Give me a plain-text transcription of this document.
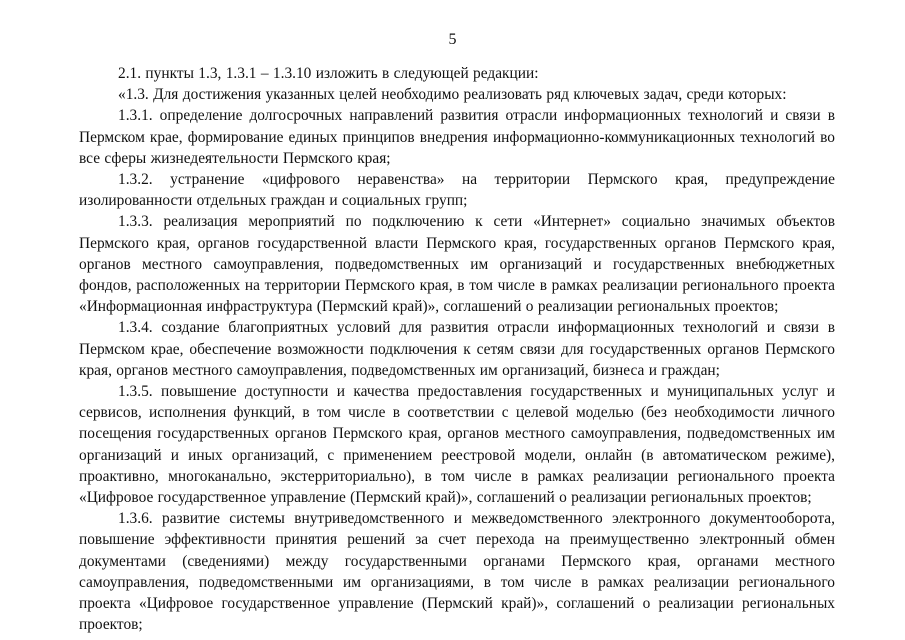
5

2.1. пункты 1.3, 1.3.1 – 1.3.10 изложить в следующей редакции:

«1.3. Для достижения указанных целей необходимо реализовать ряд ключевых задач, среди которых:

1.3.1. определение долгосрочных направлений развития отрасли информационных технологий и связи в Пермском крае, формирование единых принципов внедрения информационно-коммуникационных технологий во все сферы жизнедеятельности Пермского края;

1.3.2. устранение «цифрового неравенства» на территории Пермского края, предупреждение изолированности отдельных граждан и социальных групп;

1.3.3. реализация мероприятий по подключению к сети «Интернет» социально значимых объектов Пермского края, органов государственной власти Пермского края, государственных органов Пермского края, органов местного самоуправления, подведомственных им организаций и государственных внебюджетных фондов, расположенных на территории Пермского края, в том числе в рамках реализации регионального проекта «Информационная инфраструктура (Пермский край)», соглашений о реализации региональных проектов;

1.3.4. создание благоприятных условий для развития отрасли информационных технологий и связи в Пермском крае, обеспечение возможности подключения к сетям связи для государственных органов Пермского края, органов местного самоуправления, подведомственных им организаций, бизнеса и граждан;

1.3.5. повышение доступности и качества предоставления государственных и муниципальных услуг и сервисов, исполнения функций, в том числе в соответствии с целевой моделью (без необходимости личного посещения государственных органов Пермского края, органов местного самоуправления, подведомственных им организаций и иных организаций, с применением реестровой модели, онлайн (в автоматическом режиме), проактивно, многоканально, экстерриториально), в том числе в рамках реализации регионального проекта «Цифровое государственное управление (Пермский край)», соглашений о реализации региональных проектов;

1.3.6. развитие системы внутриведомственного и межведомственного электронного документооборота, повышение эффективности принятия решений за счет перехода на преимущественно электронный обмен документами (сведениями) между государственными органами Пермского края, органами местного самоуправления, подведомственными им организациями, в том числе в рамках реализации регионального проекта «Цифровое государственное управление (Пермский край)», соглашений о реализации региональных проектов;
